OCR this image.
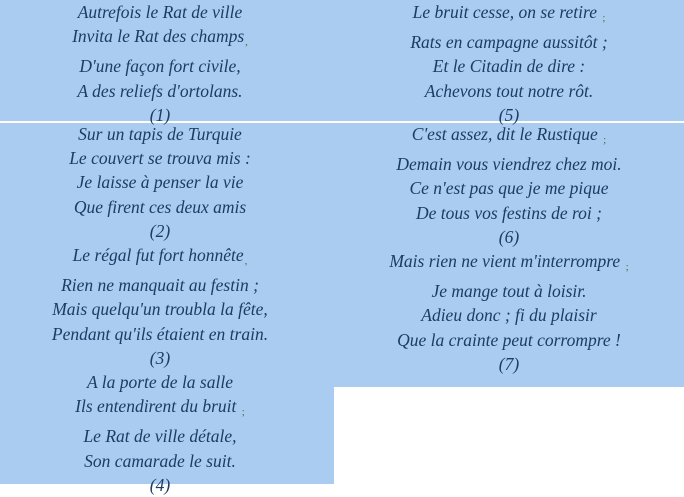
Autrefois le Rat de ville
Invita le Rat des champs,
D'une façon fort civile,
A des reliefs d'ortolans.
(1)
Le bruit cesse, on se retire ;
Rats en campagne aussitôt ;
Et le Citadin de dire :
Achevons tout notre rôt.
(5)
Sur un tapis de Turquie
Le couvert se trouva mis :
Je laisse à penser la vie
Que firent ces deux amis
(2)
Le régal fut fort honnête,
Rien ne manquait au festin ;
Mais quelqu'un troubla la fête,
Pendant qu'ils étaient en train.
(3)
A la porte de la salle
Ils entendirent du bruit ;
Le Rat de ville détale,
Son camarade le suit.
(4)
C'est assez, dit le Rustique ;
Demain vous viendrez chez moi.
Ce n'est pas que je me pique
De tous vos festins de roi ;
(6)
Mais rien ne vient m'interrompre ;
Je mange tout à loisir.
Adieu donc ; fi du plaisir
Que la crainte peut corrompre !
(7)
